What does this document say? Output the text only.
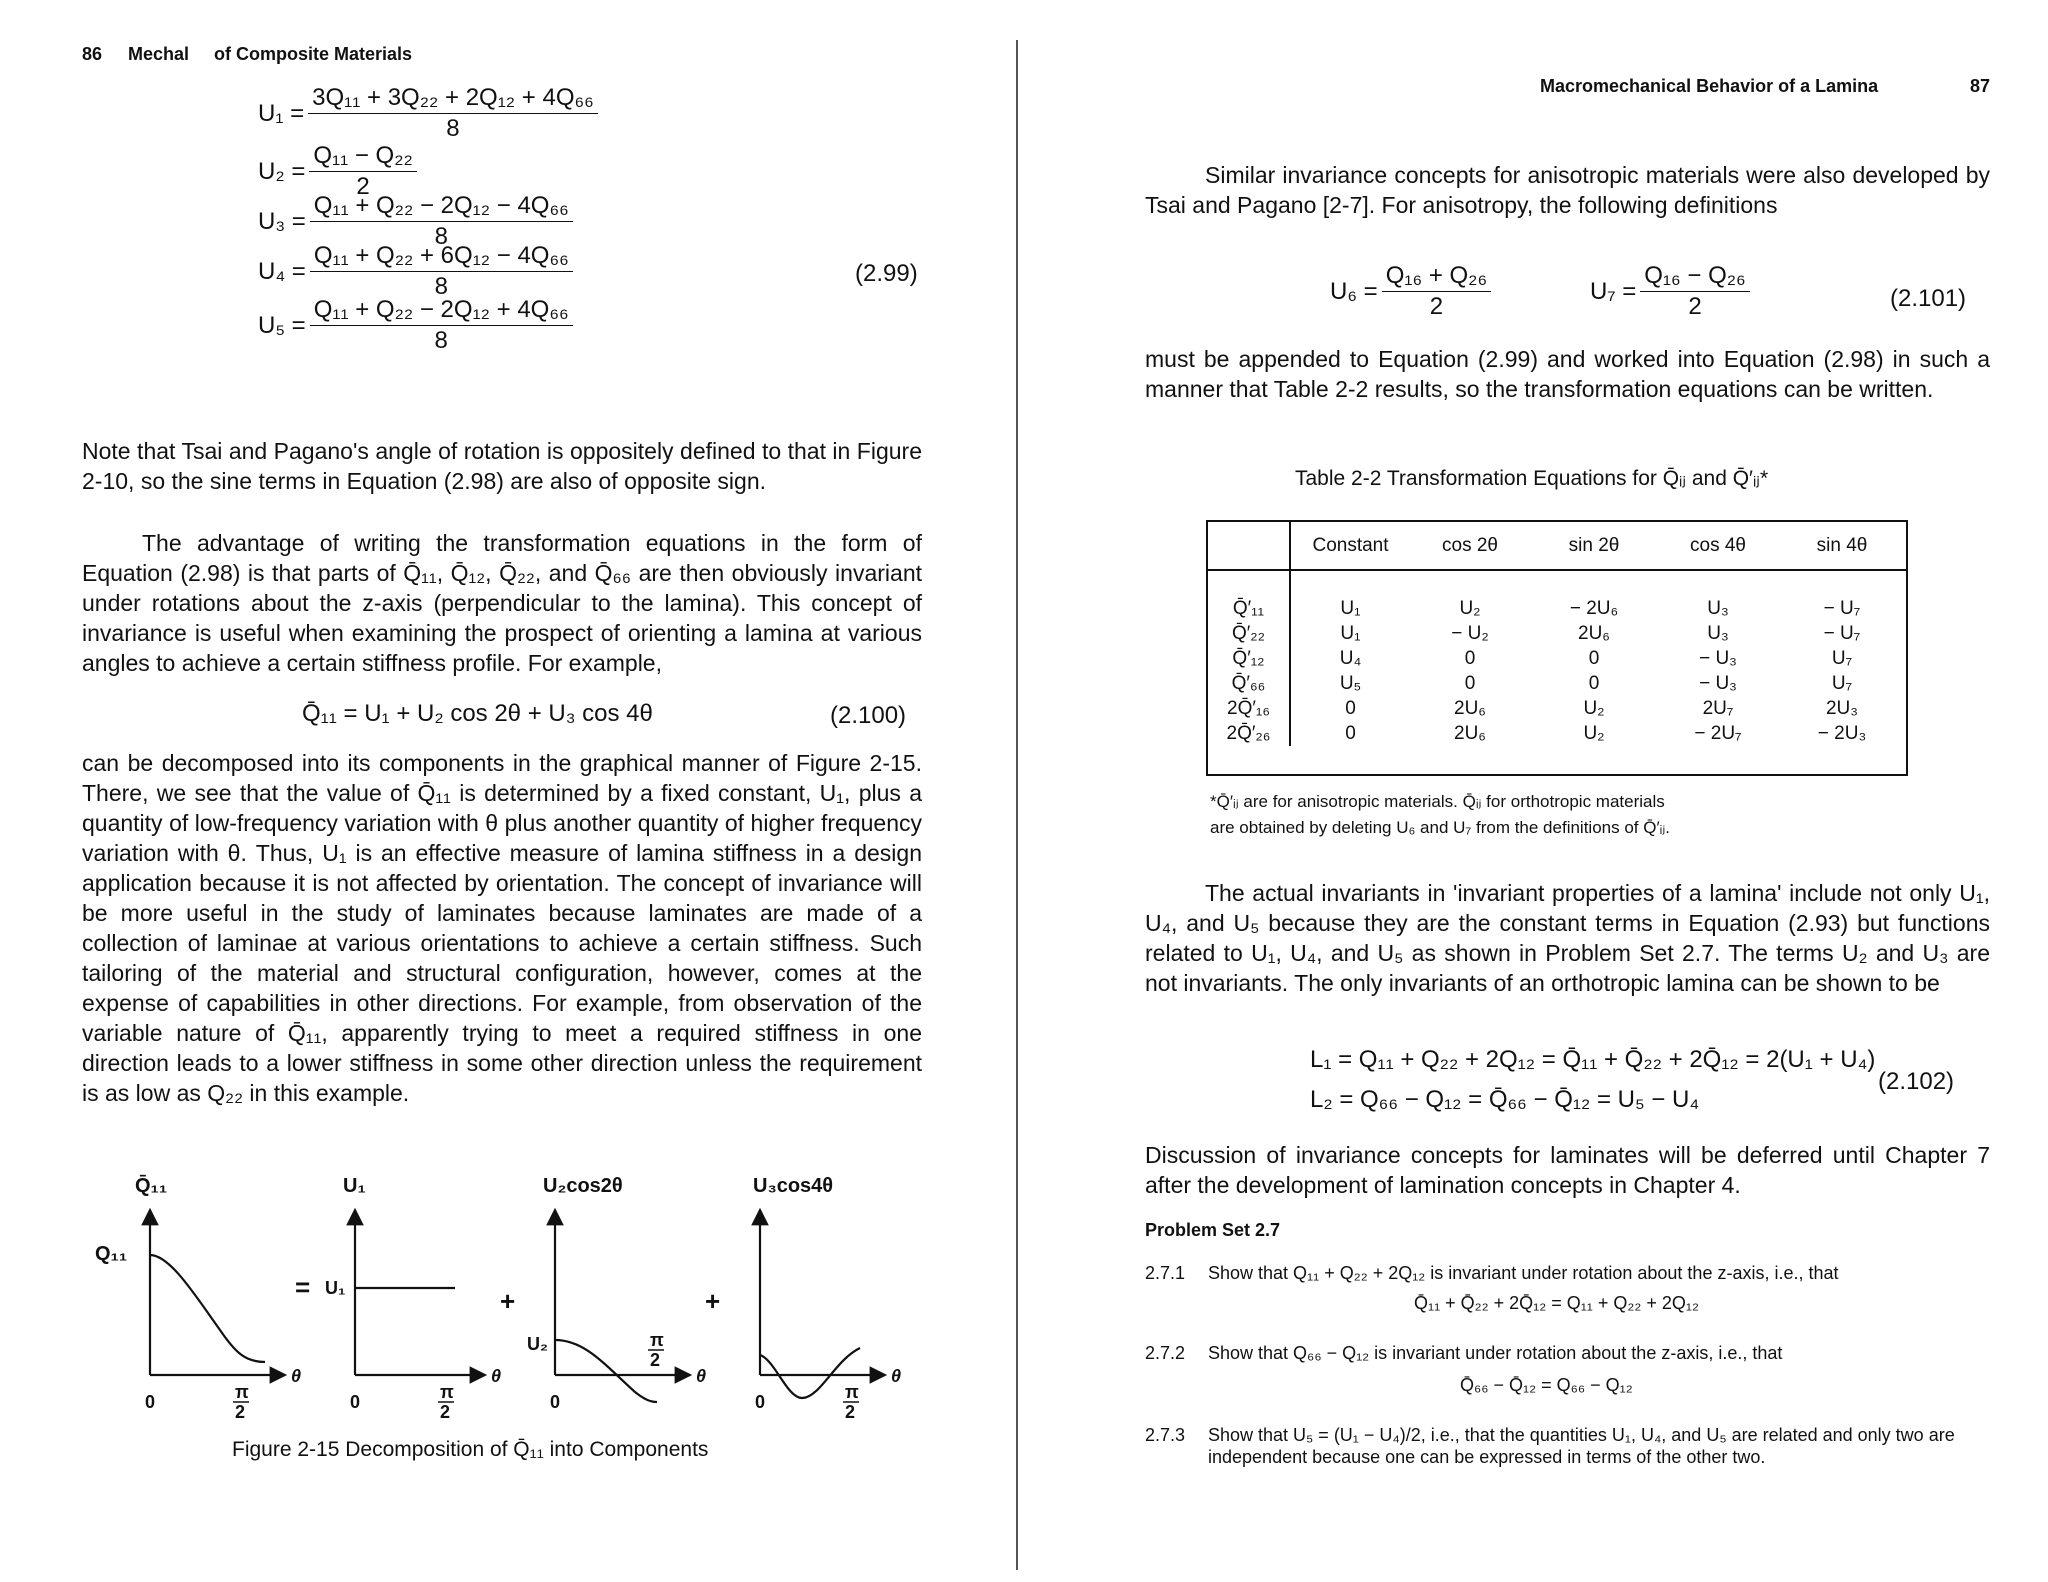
86 Mechal of Composite Materials
$U_1 = \frac{\text{3Q₁₁ + 3Q₂₂ + 2Q₁₂ + 4Q₆₆}}{8}$
$U_2 = \frac{\text{Q₁₁ − Q₂₂}}{2}$
$U_3 = \frac{\text{Q₁₁ + Q₂₂ − 2Q₁₂ − 4Q₆₆}}{8}$
$U_4 = \frac{\text{Q₁₁ + Q₂₂ + 6Q₁₂ − 4Q₆₆}}{8}$
$U_5 = \frac{\text{Q₁₁ + Q₂₂ − 2Q₁₂ + 4Q₆₆}}{8}$
(2.99)
Note that Tsai and Pagano's angle of rotation is oppositely defined to that in Figure 2-10, so the sine terms in Equation (2.98) are also of opposite sign.
The advantage of writing the transformation equations in the form of Equation (2.98) is that parts of Q̄₁₁, Q̄₁₂, Q̄₂₂, and Q̄₆₆ are then obviously invariant under rotations about the z-axis (perpendicular to the lamina). This concept of invariance is useful when examining the prospect of orienting a lamina at various angles to achieve a certain stiffness profile. For example,
Q̄₁₁ = U₁ + U₂ cos 2θ + U₃ cos 4θ	(2.100)
can be decomposed into its components in the graphical manner of Figure 2-15. There, we see that the value of Q̄₁₁ is determined by a fixed constant, U₁, plus a quantity of low-frequency variation with θ plus another quantity of higher frequency variation with θ. Thus, U₁ is an effective measure of lamina stiffness in a design application because it is not affected by orientation. The concept of invariance will be more useful in the study of laminates because laminates are made of a collection of laminae at various orientations to achieve a certain stiffness. Such tailoring of the material and structural configuration, however, comes at the expense of capabilities in other directions. For example, from observation of the variable nature of Q̄₁₁, apparently trying to meet a required stiffness in one direction leads to a lower stiffness in some other direction unless the requirement is as low as Q₂₂ in this example.
Q̄₁₁
Q₁₁
U₁	U₂cos2θ	U₃cos4θ
= U₁	+
U₂
+
0	0	0	0
θ	θ	θ	θ
π
2
π
2
π
2
π
2
Figure 2-15 Decomposition of Q̄₁₁ into Components
Macromechanical Behavior of a Lamina	87
Similar invariance concepts for anisotropic materials were also developed by Tsai and Pagano [2-7]. For anisotropy, the following definitions
$U_6 = \frac{\text{Q₁₆ + Q₂₆}}{2}$	$U_7 = \frac{\text{Q₁₆ − Q₂₆}}{2}$	(2.101)
must be appended to Equation (2.99) and worked into Equation (2.98) in such a manner that Table 2-2 results, so the transformation equations can be written.
Table 2-2 Transformation Equations for Q̄ᵢⱼ and Q̄′ᵢⱼ*
	Constant	cos 2θ	sin 2θ	cos 4θ	sin 4θ

Q̄′₁₁	U₁	U₂	− 2U₆	U₃	− U₇
Q̄′₂₂	U₁	− U₂	2U₆	U₃	− U₇
Q̄′₁₂	U₄	0	0	− U₃	U₇
Q̄′₆₆	U₅	0	0	− U₃	U₇
2Q̄′₁₆	0	2U₆	U₂	2U₇	2U₃
2Q̄′₂₆	0	2U₆	U₂	− 2U₇	− 2U₃
*Q̄′ᵢⱼ are for anisotropic materials. Q̄ᵢⱼ for orthotropic materials
are obtained by deleting U₆ and U₇ from the definitions of Q̄′ᵢⱼ.
The actual invariants in 'invariant properties of a lamina' include not only U₁, U₄, and U₅ because they are the constant terms in Equation (2.93) but functions related to U₁, U₄, and U₅ as shown in Problem Set 2.7. The terms U₂ and U₃ are not invariants. The only invariants of an orthotropic lamina can be shown to be
L₁ = Q₁₁ + Q₂₂ + 2Q₁₂ = Q̄₁₁ + Q̄₂₂ + 2Q̄₁₂ = 2(U₁ + U₄)
L₂ = Q₆₆ − Q₁₂ = Q̄₆₆ − Q̄₁₂ = U₅ − U₄
(2.102)
Discussion of invariance concepts for laminates will be deferred until Chapter 7 after the development of lamination concepts in Chapter 4.
Problem Set 2.7
2.7.1 Show that Q₁₁ + Q₂₂ + 2Q₁₂ is invariant under rotation about the z-axis, i.e., that
Q̄₁₁ + Q̄₂₂ + 2Q̄₁₂ = Q₁₁ + Q₂₂ + 2Q₁₂
2.7.2 Show that Q₆₆ − Q₁₂ is invariant under rotation about the z-axis, i.e., that
Q̄₆₆ − Q̄₁₂ = Q₆₆ − Q₁₂
2.7.3 Show that U₅ = (U₁ − U₄)/2, i.e., that the quantities U₁, U₄, and U₅ are related and only two are independent because one can be expressed in terms of the other two.
